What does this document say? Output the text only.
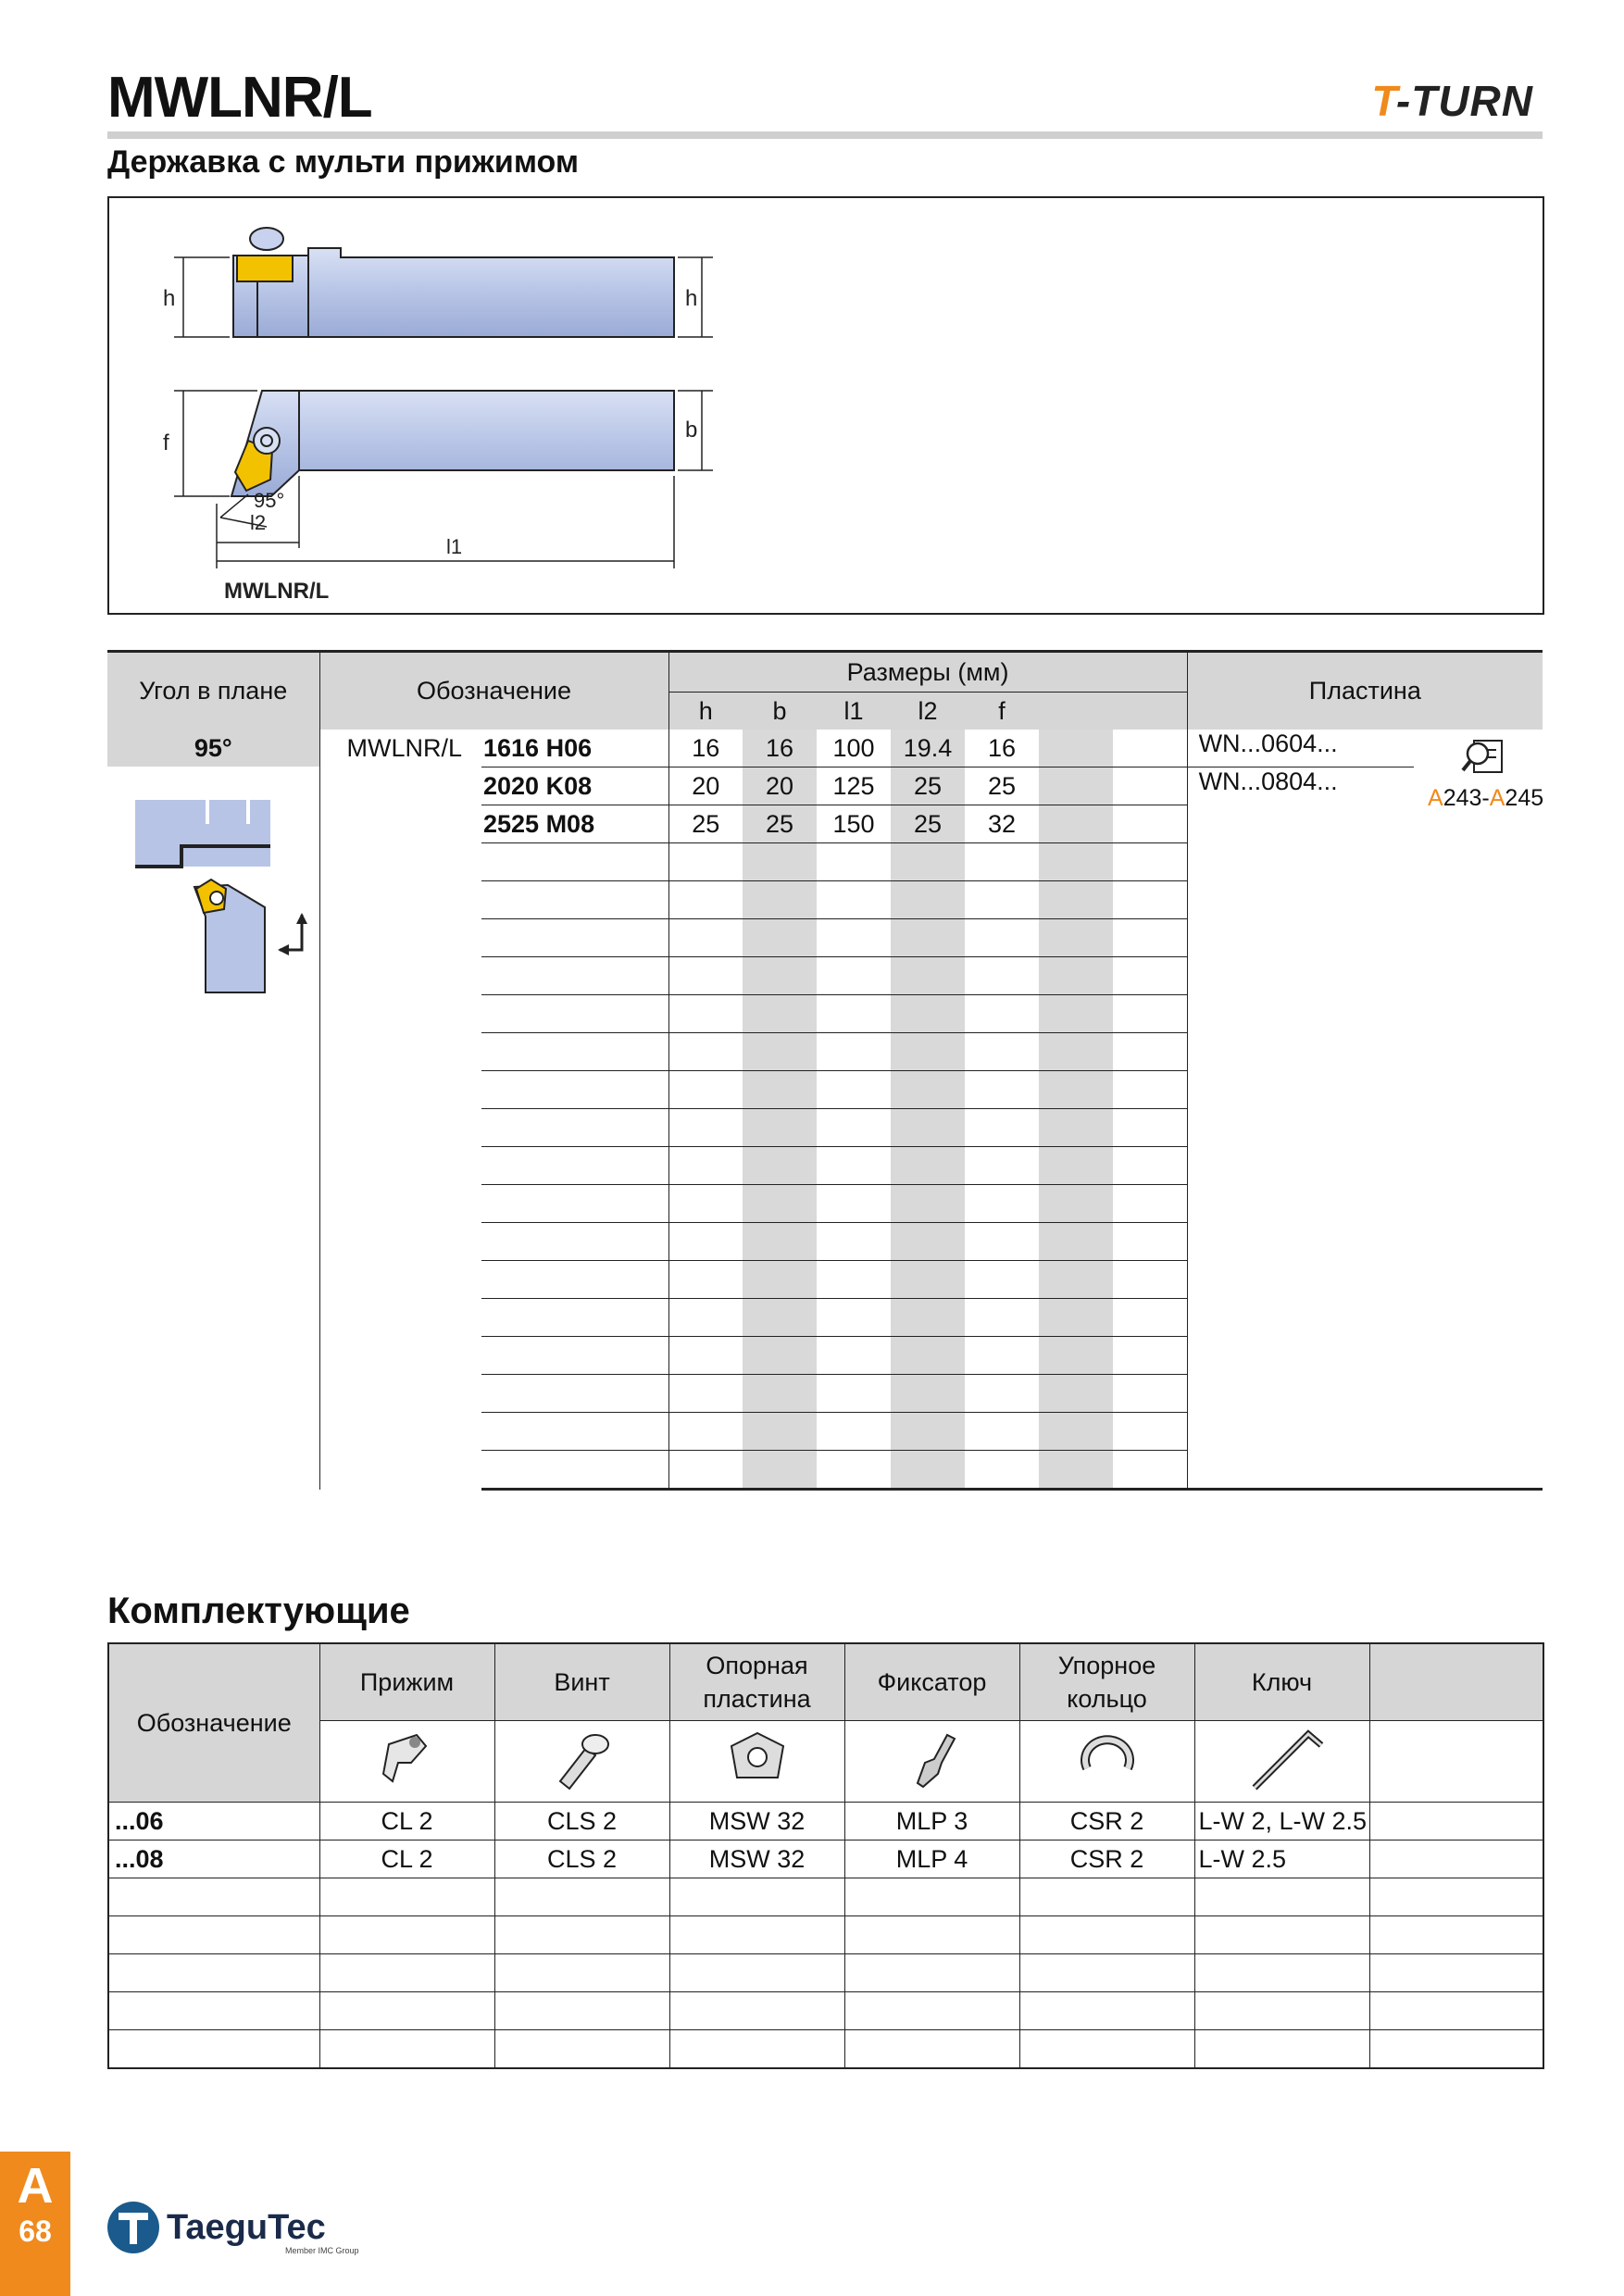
MWLNR/L	T-TURN
Державка с мульти прижимом
h	h
f
b
95°
l2
l1
MWLNR/L
Угол в плане	Обозначение		Размеры (мм)							Пластина	
			h	b	l1	l2	f				

95°	MWLNR/L	1616 H06	16	16	100	19.4	16			WN...0604...	
		2020 K08	20	20	125	25	25			WN...0804...	
		2525 M08	25	25	150	25	32				

A243-A245
Комплектующие
Обозначение	Прижим	Винт	Опорная пластина	Фиксатор	Упорное кольцо	Ключ	

...06	CL 2	CLS 2	MSW 32	MLP 3	CSR 2	L-W 2, L-W 2.5	
...08	CL 2	CLS 2	MSW 32	MLP 4	CSR 2	L-W 2.5	

A
68	TaeguTec
Member IMC Group
